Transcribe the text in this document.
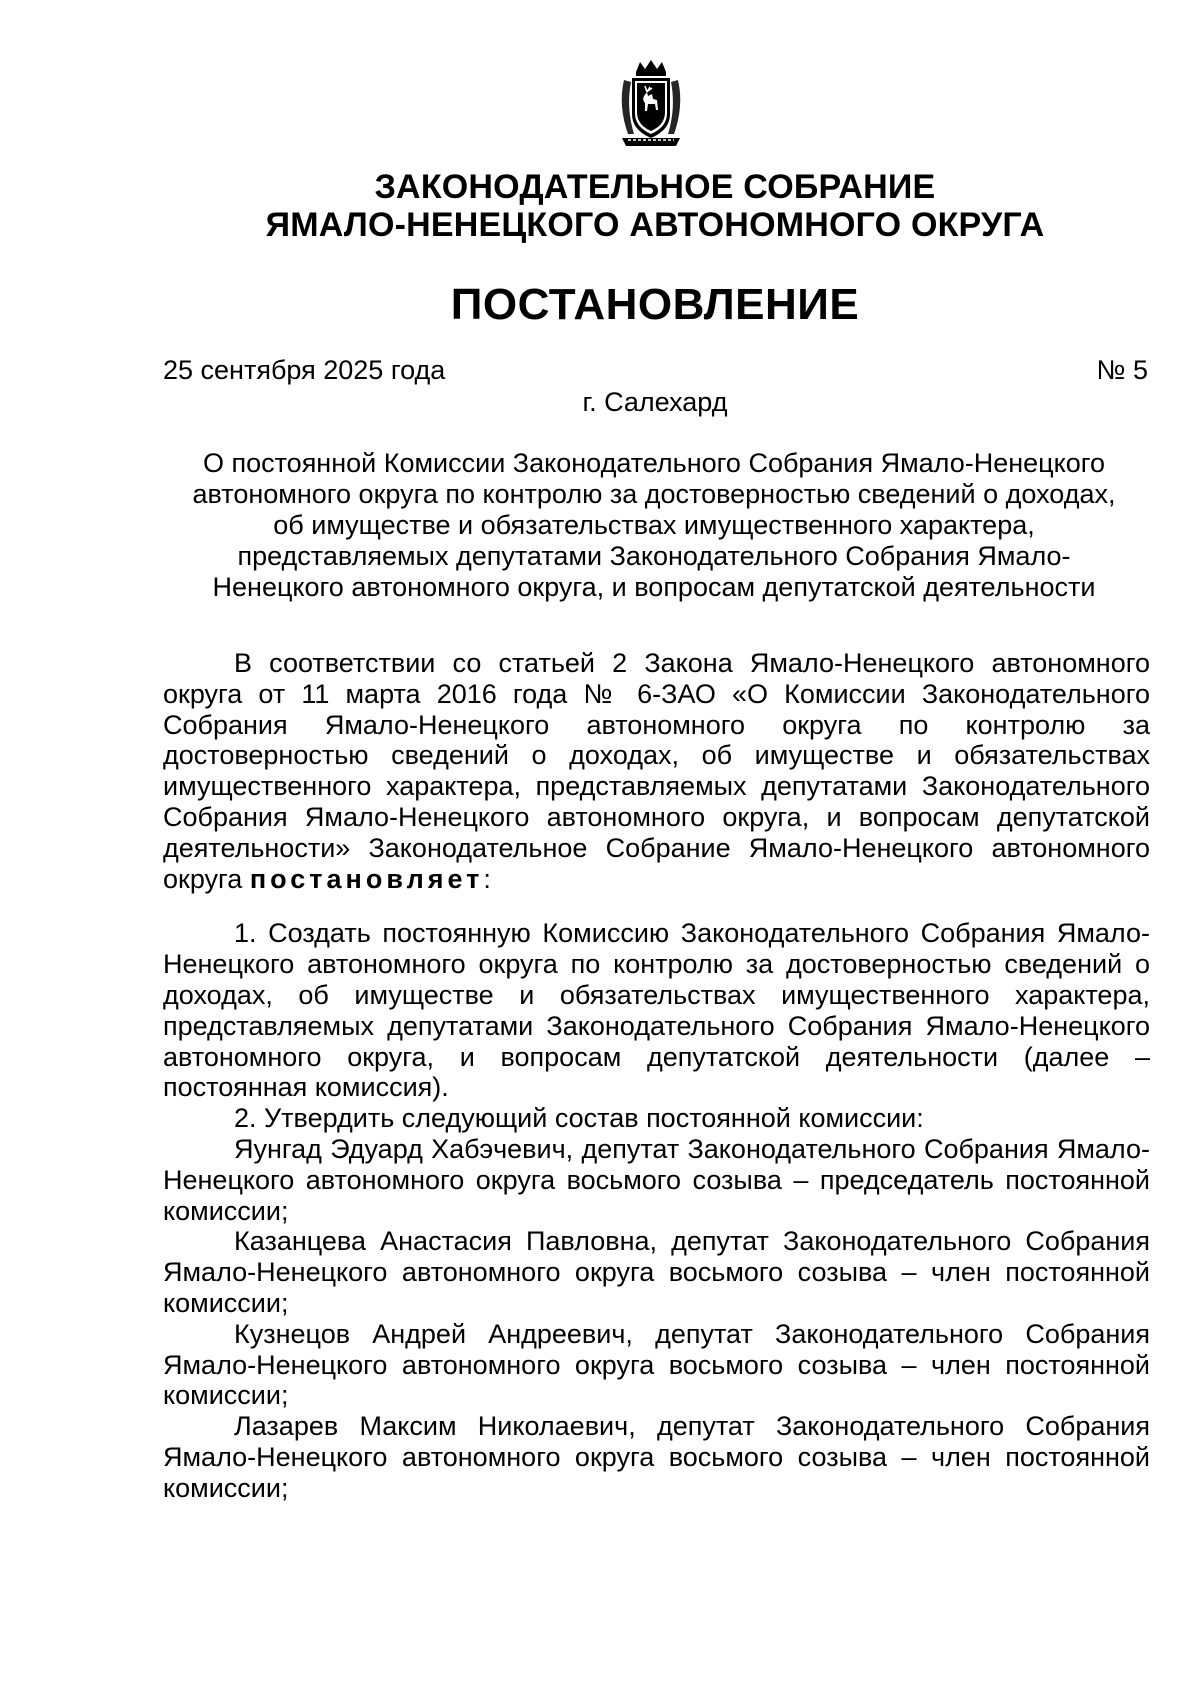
ЗАКОНОДАТЕЛЬНОЕ СОБРАНИЕ
ЯМАЛО-НЕНЕЦКОГО АВТОНОМНОГО ОКРУГА
ПОСТАНОВЛЕНИЕ
25 сентября 2025 года	№ 5
г. Салехард
О постоянной Комиссии Законодательного Собрания Ямало-Ненецкого
автономного округа по контролю за достоверностью сведений о доходах,
об имуществе и обязательствах имущественного характера,
представляемых депутатами Законодательного Собрания Ямало-
Ненецкого автономного округа, и вопросам депутатской деятельности

В соответствии со статьей 2 Закона Ямало-Ненецкого автономного округа от 11 марта 2016 года № 6-ЗАО «О Комиссии Законодательного Собрания Ямало-Ненецкого автономного округа по контролю за достоверностью сведений о доходах, об имуществе и обязательствах имущественного характера, представляемых депутатами Законодательного Собрания Ямало-Ненецкого автономного округа, и вопросам депутатской деятельности» Законодательное Собрание Ямало-Ненецкого автономного округа постановляет:

1. Создать постоянную Комиссию Законодательного Собрания Ямало-Ненецкого автономного округа по контролю за достоверностью сведений о доходах, об имуществе и обязательствах имущественного характера, представляемых депутатами Законодательного Собрания Ямало-Ненецкого автономного округа, и вопросам депутатской деятельности (далее – постоянная комиссия).

2. Утвердить следующий состав постоянной комиссии:

Яунгад Эдуард Хабэчевич, депутат Законодательного Собрания Ямало-Ненецкого автономного округа восьмого созыва – председатель постоянной комиссии;

Казанцева Анастасия Павловна, депутат Законодательного Собрания Ямало-Ненецкого автономного округа восьмого созыва – член постоянной комиссии;

Кузнецов Андрей Андреевич, депутат Законодательного Собрания Ямало-Ненецкого автономного округа восьмого созыва – член постоянной комиссии;

Лазарев Максим Николаевич, депутат Законодательного Собрания Ямало-Ненецкого автономного округа восьмого созыва – член постоянной комиссии;
